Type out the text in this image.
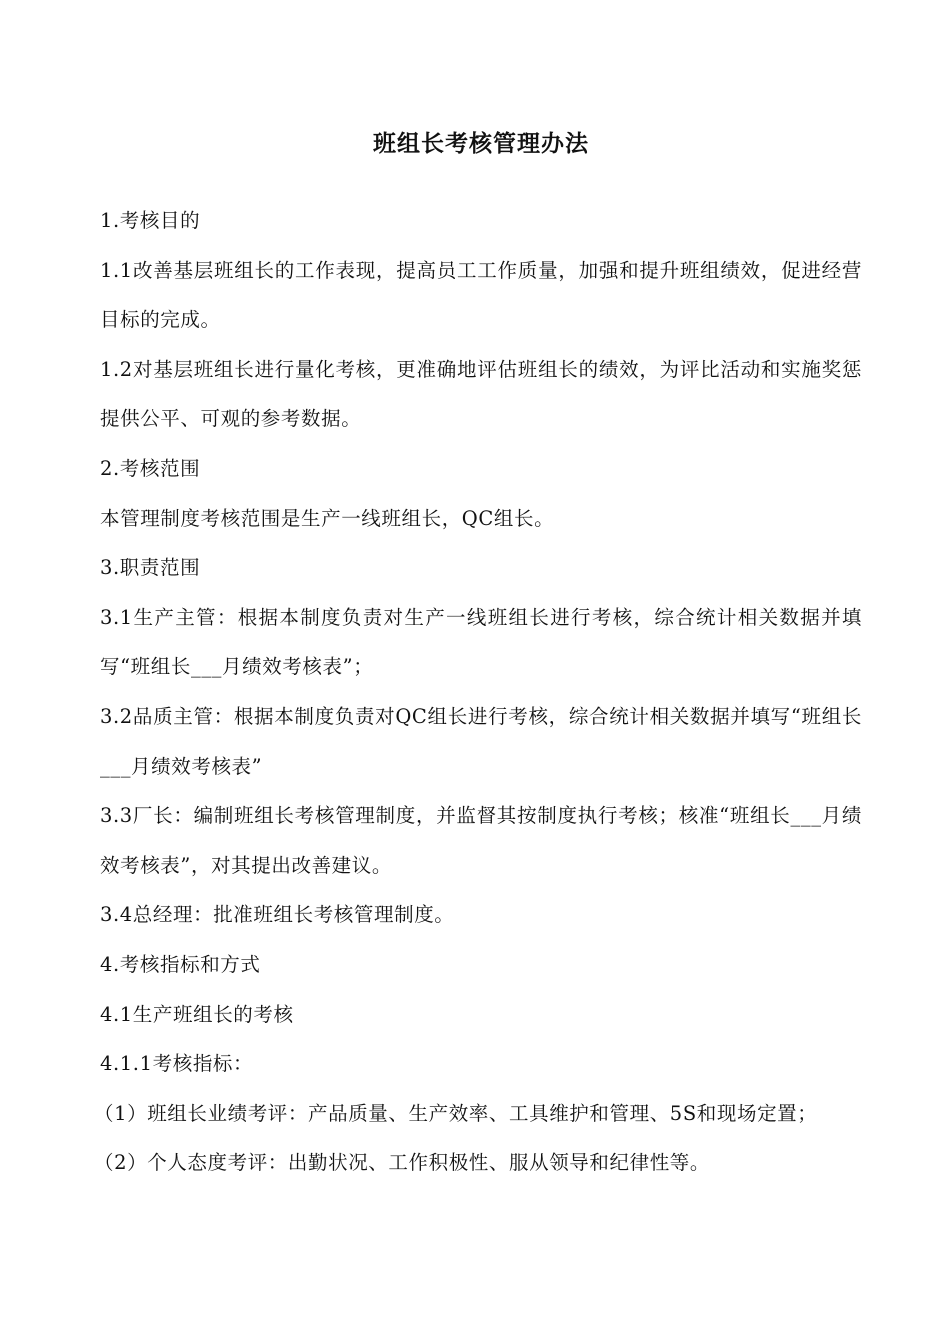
班组长考核管理办法

1.考核目的

1.1改善基层班组长的工作表现，提高员工工作质量，加强和提升班组绩效，促进经营目标的完成。

1.2对基层班组长进行量化考核，更准确地评估班组长的绩效，为评比活动和实施奖惩提供公平、可观的参考数据。

2.考核范围

本管理制度考核范围是生产一线班组长，QC组长。

3.职责范围

3.1生产主管：根据本制度负责对生产一线班组长进行考核，综合统计相关数据并填写“班组长___月绩效考核表”；

3.2品质主管：根据本制度负责对QC组长进行考核，综合统计相关数据并填写“班组长___月绩效考核表”

3.3厂长：编制班组长考核管理制度，并监督其按制度执行考核；核准“班组长___月绩效考核表”，对其提出改善建议。

3.4总经理：批准班组长考核管理制度。

4.考核指标和方式

4.1生产班组长的考核

4.1.1考核指标：

（1）班组长业绩考评：产品质量、生产效率、工具维护和管理、5S和现场定置；

（2）个人态度考评：出勤状况、工作积极性、服从领导和纪律性等。
